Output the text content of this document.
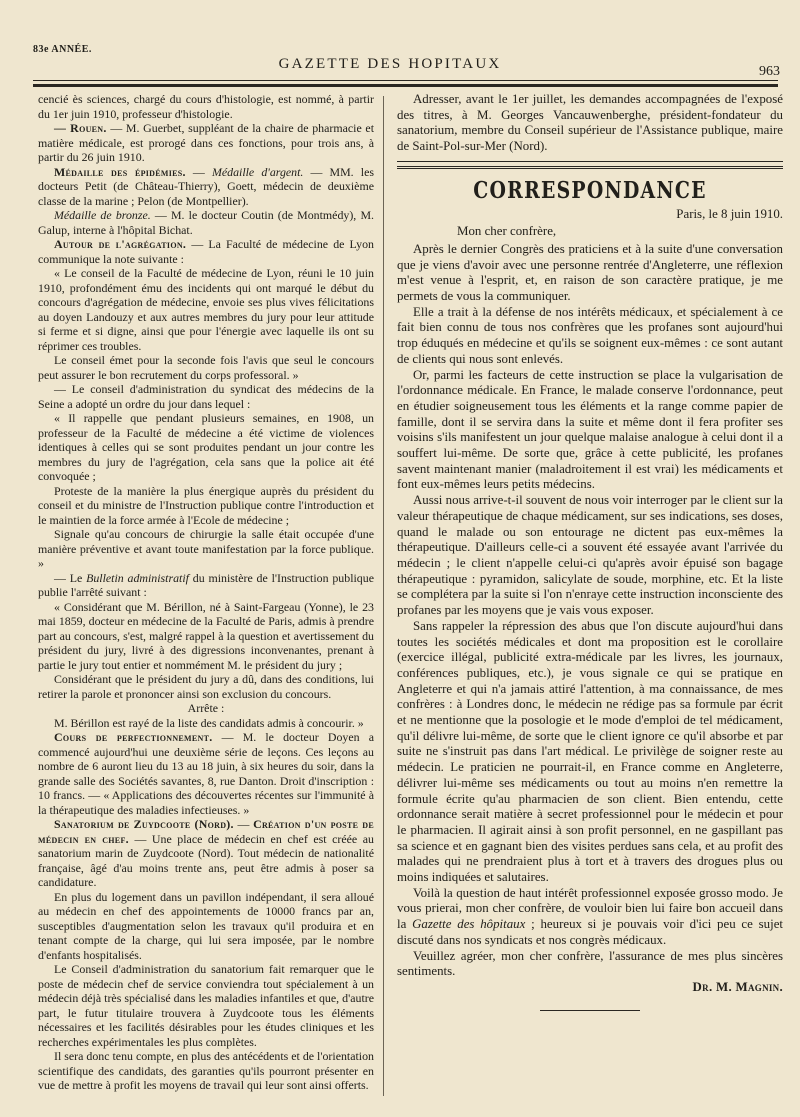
83e ANNÉE.
GAZETTE DES HOPITAUX	963

cencié ès sciences, chargé du cours d'histologie, est nommé, à partir du 1er juin 1910, professeur d'histologie.

— Rouen. — M. Guerbet, suppléant de la chaire de pharmacie et matière médicale, est prorogé dans ces fonctions, pour trois ans, à partir du 26 juin 1910.

Médaille des épidémies. — Médaille d'argent. — MM. les docteurs Petit (de Château-Thierry), Goett, médecin de deuxième classe de la marine ; Pelon (de Montpellier).

Médaille de bronze. — M. le docteur Coutin (de Montmédy), M. Galup, interne à l'hôpital Bichat.

Autour de l'agrégation. — La Faculté de médecine de Lyon communique la note suivante :

« Le conseil de la Faculté de médecine de Lyon, réuni le 10 juin 1910, profondément ému des incidents qui ont marqué le début du concours d'agrégation de médecine, envoie ses plus vives félicitations au doyen Landouzy et aux autres membres du jury pour leur attitude si ferme et si digne, ainsi que pour l'énergie avec laquelle ils ont su réprimer ces troubles.

Le conseil émet pour la seconde fois l'avis que seul le concours peut assurer le bon recrutement du corps professoral. »

— Le conseil d'administration du syndicat des médecins de la Seine a adopté un ordre du jour dans lequel :

« Il rappelle que pendant plusieurs semaines, en 1908, un professeur de la Faculté de médecine a été victime de violences identiques à celles qui se sont produites pendant un jour contre les membres du jury de l'agrégation, cela sans que la police ait été convoquée ;

Proteste de la manière la plus énergique auprès du président du conseil et du ministre de l'Instruction publique contre l'introduction et le maintien de la force armée à l'Ecole de médecine ;

Signale qu'au concours de chirurgie la salle était occupée d'une manière préventive et avant toute manifestation par la force publique. »

— Le Bulletin administratif du ministère de l'Instruction publique publie l'arrêté suivant :

« Considérant que M. Bérillon, né à Saint-Fargeau (Yonne), le 23 mai 1859, docteur en médecine de la Faculté de Paris, admis à prendre part au concours, s'est, malgré rappel à la question et avertissement du président du jury, livré à des digressions inconvenantes, prenant à partie le jury tout entier et nommément M. le président du jury ;

Considérant que le président du jury a dû, dans des conditions, lui retirer la parole et prononcer ainsi son exclusion du concours.

Arrête :

M. Bérillon est rayé de la liste des candidats admis à concourir. »

Cours de perfectionnement. — M. le docteur Doyen a commencé aujourd'hui une deuxième série de leçons. Ces leçons au nombre de 6 auront lieu du 13 au 18 juin, à six heures du soir, dans la grande salle des Sociétés savantes, 8, rue Danton. Droit d'inscription : 10 francs. — « Applications des découvertes récentes sur l'immunité à la thérapeutique des maladies infectieuses. »

Sanatorium de Zuydcoote (Nord). — Création d'un poste de médecin en chef. — Une place de médecin en chef est créée au sanatorium marin de Zuydcoote (Nord). Tout médecin de nationalité française, âgé d'au moins trente ans, peut être admis à poser sa candidature.

En plus du logement dans un pavillon indépendant, il sera alloué au médecin en chef des appointements de 10000 francs par an, susceptibles d'augmentation selon les travaux qu'il produira et en tenant compte de la charge, qui lui sera imposée, par le nombre d'enfants hospitalisés.

Le Conseil d'administration du sanatorium fait remarquer que le poste de médecin chef de service conviendra tout spécialement à un médecin déjà très spécialisé dans les maladies infantiles et que, d'autre part, le futur titulaire trouvera à Zuydcoote tous les éléments nécessaires et les facilités désirables pour les études cliniques et les recherches expérimentales les plus complètes.

Il sera donc tenu compte, en plus des antécédents et de l'orientation scientifique des candidats, des garanties qu'ils pourront présenter en vue de mettre à profit les moyens de travail qui leur sont ainsi offerts.

Adresser, avant le 1er juillet, les demandes accompagnées de l'exposé des titres, à M. Georges Vancauwenberghe, président-fondateur du sanatorium, membre du Conseil supérieur de l'Assistance publique, maire de Saint-Pol-sur-Mer (Nord).

CORRESPONDANCE
Paris, le 8 juin 1910.
Mon cher confrère,

Après le dernier Congrès des praticiens et à la suite d'une conversation que je viens d'avoir avec une personne rentrée d'Angleterre, une réflexion m'est venue à l'esprit, et, en raison de son caractère pratique, je me permets de vous la communiquer.

Elle a trait à la défense de nos intérêts médicaux, et spécialement à ce fait bien connu de tous nos confrères que les profanes sont aujourd'hui trop éduqués en médecine et qu'ils se soignent eux-mêmes : ce sont autant de clients qui nous sont enlevés.

Or, parmi les facteurs de cette instruction se place la vulgarisation de l'ordonnance médicale. En France, le malade conserve l'ordonnance, peut en étudier soigneusement tous les éléments et la range comme papier de famille, dont il se servira dans la suite et même dont il fera profiter ses voisins s'ils manifestent un jour quelque malaise analogue à celui dont il a souffert lui-même. De sorte que, grâce à cette publicité, les profanes savent maintenant manier (maladroitement il est vrai) les médicaments et font eux-mêmes leurs petits médecins.

Aussi nous arrive-t-il souvent de nous voir interroger par le client sur la valeur thérapeutique de chaque médicament, sur ses indications, ses doses, quand le malade ou son entourage ne dictent pas eux-mêmes la thérapeutique. D'ailleurs celle-ci a souvent été essayée avant l'arrivée du médecin ; le client n'appelle celui-ci qu'après avoir épuisé son bagage thérapeutique : pyramidon, salicylate de soude, morphine, etc. Et la liste se complétera par la suite si l'on n'enraye cette instruction inconsciente des profanes par les moyens que je vais vous exposer.

Sans rappeler la répression des abus que l'on discute aujourd'hui dans toutes les sociétés médicales et dont ma proposition est le corollaire (exercice illégal, publicité extra-médicale par les livres, les journaux, conférences publiques, etc.), je vous signale ce qui se pratique en Angleterre et qui n'a jamais attiré l'attention, à ma connaissance, de mes confrères : à Londres donc, le médecin ne rédige pas sa formule par écrit et ne mentionne que la posologie et le mode d'emploi de tel médicament, qu'il délivre lui-même, de sorte que le client ignore ce qu'il absorbe et par suite ne s'instruit pas dans l'art médical. Le privilège de soigner reste au médecin. Le praticien ne pourrait-il, en France comme en Angleterre, délivrer lui-même ses médicaments ou tout au moins n'en remettre la formule écrite qu'au pharmacien de son client. Bien entendu, cette ordonnance serait matière à secret professionnel pour le médecin et pour le pharmacien. Il agirait ainsi à son profit personnel, en ne gaspillant pas sa science et en gagnant bien des visites perdues sans cela, et au profit des malades qui ne prendraient plus à tort et à travers des drogues plus ou moins indiquées et salutaires.

Voilà la question de haut intérêt professionnel exposée grosso modo. Je vous prierai, mon cher confrère, de vouloir bien lui faire bon accueil dans la Gazette des hôpitaux ; heureux si je pouvais voir d'ici peu ce sujet discuté dans nos syndicats et nos congrès médicaux.

Veuillez agréer, mon cher confrère, l'assurance de mes plus sincères sentiments.

Dr. M. Magnin.
